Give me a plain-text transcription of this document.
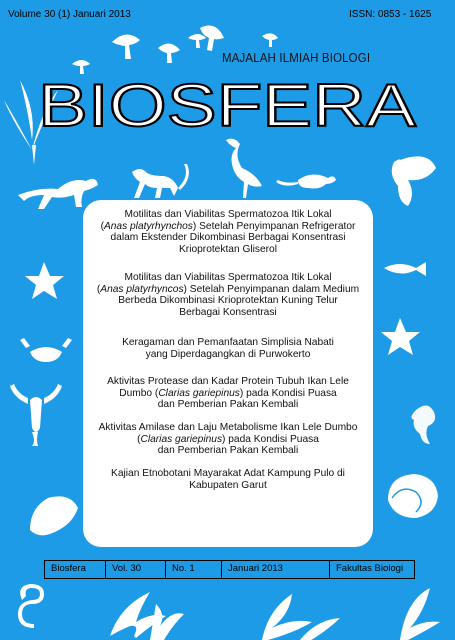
Volume 30 (1) Januari 2013	ISSN: 0853 - 1625
MAJALAH ILMIAH BIOLOGI
BIOSFERA
Motilitas dan Viabilitas Spermatozoa Itik Lokal
(Anas platyrhynchos) Setelah Penyimpanan Refrigerator
dalam Ekstender Dikombinasi Berbagai Konsentrasi
Krioprotektan Gliserol
Motilitas dan Viabilitas Spermatozoa Itik Lokal
(Anas platyrhyncos) Setelah Penyimpanan dalam Medium
Berbeda Dikombinasi Krioprotektan Kuning Telur
Berbagai Konsentrasi
Keragaman dan Pemanfaatan Simplisia Nabati
yang Diperdagangkan di Purwokerto
Aktivitas Protease dan Kadar Protein Tubuh Ikan Lele
Dumbo (Clarias gariepinus) pada Kondisi Puasa
dan Pemberian Pakan Kembali
Aktivitas Amilase dan Laju Metabolisme Ikan Lele Dumbo
(Clarias gariepinus) pada Kondisi Puasa
dan Pemberian Pakan Kembali
Kajian Etnobotani Mayarakat Adat Kampung Pulo di
Kabupaten Garut
Biosfera	Vol. 30	No. 1	Januari 2013	Fakultas Biologi
